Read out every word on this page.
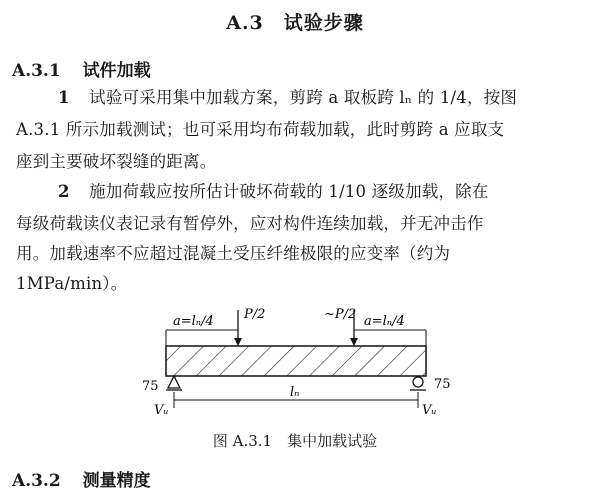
A.3　试验步骤
A.3.1 试件加载
1 试验可采用集中加载方案，剪跨 a 取板跨 lₙ 的 1/4，按图
A.3.1 所示加载测试；也可采用均布荷载加载，此时剪跨 a 应取支
座到主要破坏裂缝的距离。
2 施加荷载应按所估计破坏荷载的 1/10 逐级加载，除在
每级荷载读仪表记录有暂停外，应对构件连续加载，并无冲击作
用。加载速率不应超过混凝土受压纤维极限的应变率（约为
1MPa/min）。
a=lₙ/4 P/2	a=lₙ/4
~P/2
75	75
lₙ
Vᵤ	Vᵤ
图 A.3.1　集中加载试验
A.3.2 测量精度
